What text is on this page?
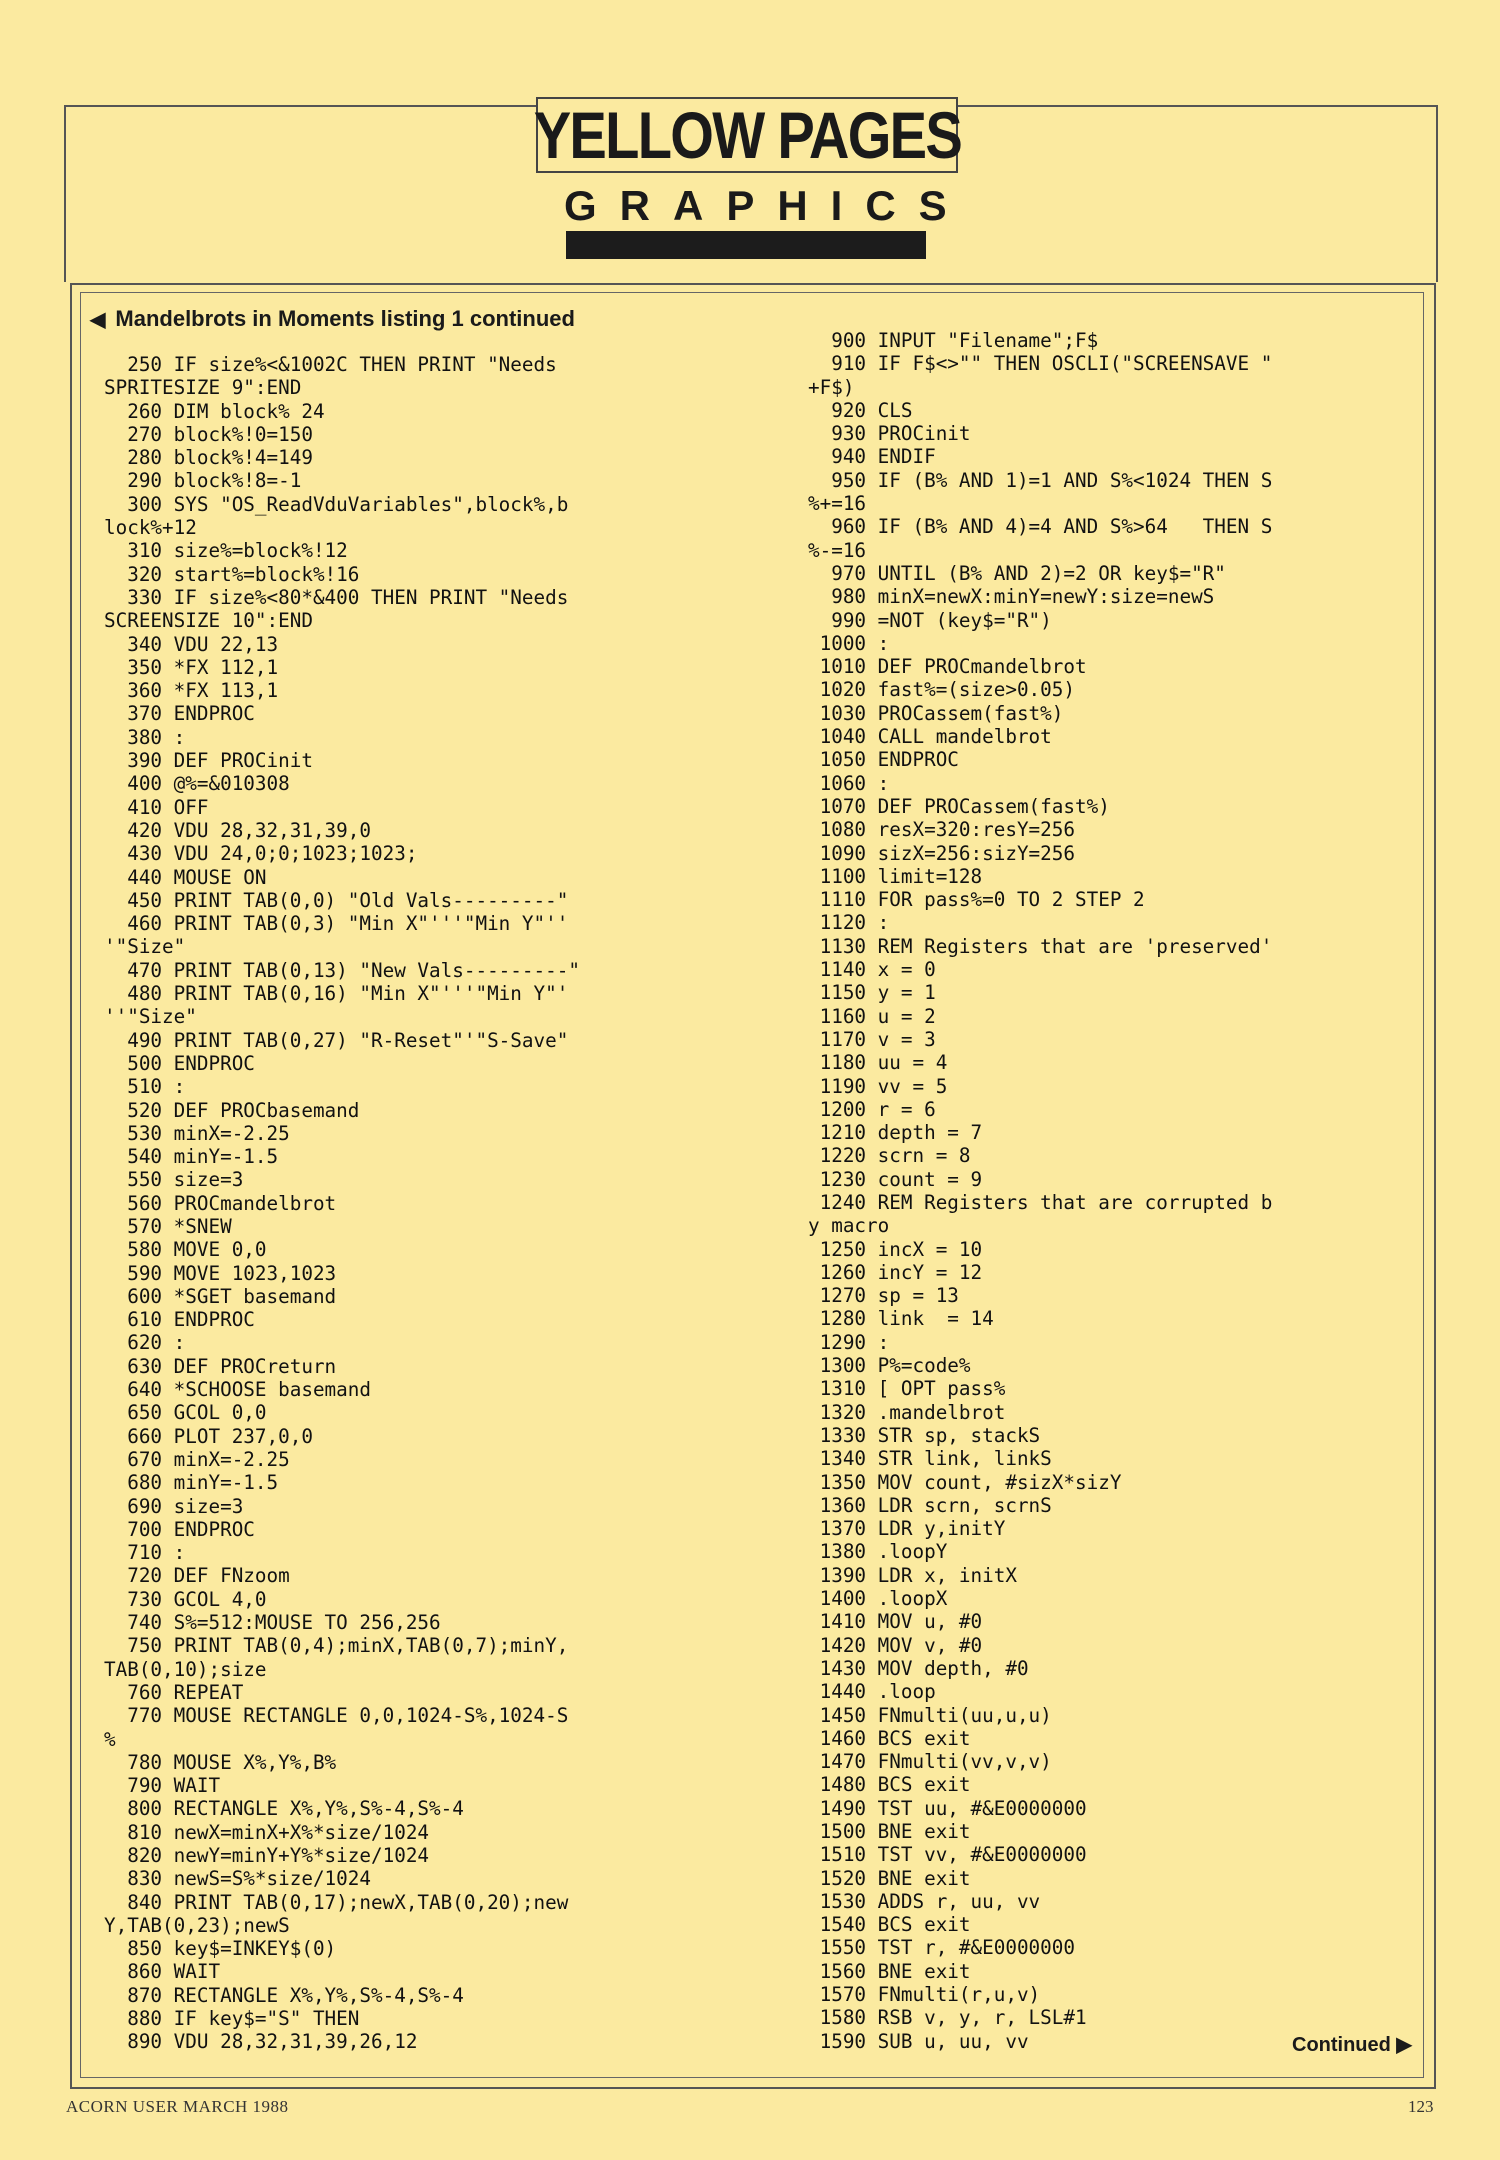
YELLOW PAGES
GRAPHICS
◀ Mandelbrots in Moments listing 1 continued
250 IF size%<&1002C THEN PRINT "Needs
SPRITESIZE 9":END
260 DIM block% 24
270 block%!0=150
280 block%!4=149
290 block%!8=-1
300 SYS "OS_ReadVduVariables",block%,b
lock%+12
310 size%=block%!12
320 start%=block%!16
330 IF size%<80*&400 THEN PRINT "Needs
SCREENSIZE 10":END
340 VDU 22,13
350 *FX 112,1
360 *FX 113,1
370 ENDPROC
380 :
390 DEF PROCinit
400 @%=&010308
410 OFF
420 VDU 28,32,31,39,0
430 VDU 24,0;0;1023;1023;
440 MOUSE ON
450 PRINT TAB(0,0) "Old Vals---------"
460 PRINT TAB(0,3) "Min X"'''"Min Y"''
'"Size"
470 PRINT TAB(0,13) "New Vals---------"
480 PRINT TAB(0,16) "Min X"'''"Min Y"'
''"Size"
490 PRINT TAB(0,27) "R-Reset"'"S-Save"
500 ENDPROC
510 :
520 DEF PROCbasemand
530 minX=-2.25
540 minY=-1.5
550 size=3
560 PROCmandelbrot
570 *SNEW
580 MOVE 0,0
590 MOVE 1023,1023
600 *SGET basemand
610 ENDPROC
620 :
630 DEF PROCreturn
640 *SCHOOSE basemand
650 GCOL 0,0
660 PLOT 237,0,0
670 minX=-2.25
680 minY=-1.5
690 size=3
700 ENDPROC
710 :
720 DEF FNzoom
730 GCOL 4,0
740 S%=512:MOUSE TO 256,256
750 PRINT TAB(0,4);minX,TAB(0,7);minY,
TAB(0,10);size
760 REPEAT
770 MOUSE RECTANGLE 0,0,1024-S%,1024-S
%
780 MOUSE X%,Y%,B%
790 WAIT
800 RECTANGLE X%,Y%,S%-4,S%-4
810 newX=minX+X%*size/1024
820 newY=minY+Y%*size/1024
830 newS=S%*size/1024
840 PRINT TAB(0,17);newX,TAB(0,20);new
Y,TAB(0,23);newS
850 key$=INKEY$(0)
860 WAIT
870 RECTANGLE X%,Y%,S%-4,S%-4
880 IF key$="S" THEN
890 VDU 28,32,31,39,26,12

900 INPUT "Filename";F$
910 IF F$<>"" THEN OSCLI("SCREENSAVE "
+F$)
920 CLS
930 PROCinit
940 ENDIF
950 IF (B% AND 1)=1 AND S%<1024 THEN S
%+=16
960 IF (B% AND 4)=4 AND S%>64   THEN S
%-=16
970 UNTIL (B% AND 2)=2 OR key$="R"
980 minX=newX:minY=newY:size=newS
990 =NOT (key$="R")
1000 :
1010 DEF PROCmandelbrot
1020 fast%=(size>0.05)
1030 PROCassem(fast%)
1040 CALL mandelbrot
1050 ENDPROC
1060 :
1070 DEF PROCassem(fast%)
1080 resX=320:resY=256
1090 sizX=256:sizY=256
1100 limit=128
1110 FOR pass%=0 TO 2 STEP 2
1120 :
1130 REM Registers that are 'preserved'
1140 x = 0
1150 y = 1
1160 u = 2
1170 v = 3
1180 uu = 4
1190 vv = 5
1200 r = 6
1210 depth = 7
1220 scrn = 8
1230 count = 9
1240 REM Registers that are corrupted b
y macro
1250 incX = 10
1260 incY = 12
1270 sp = 13
1280 link  = 14
1290 :
1300 P%=code%
1310 [ OPT pass%
1320 .mandelbrot
1330 STR sp, stackS
1340 STR link, linkS
1350 MOV count, #sizX*sizY
1360 LDR scrn, scrnS
1370 LDR y,initY
1380 .loopY
1390 LDR x, initX
1400 .loopX
1410 MOV u, #0
1420 MOV v, #0
1430 MOV depth, #0
1440 .loop
1450 FNmulti(uu,u,u)
1460 BCS exit
1470 FNmulti(vv,v,v)
1480 BCS exit
1490 TST uu, #&E0000000
1500 BNE exit
1510 TST vv, #&E0000000
1520 BNE exit
1530 ADDS r, uu, vv
1540 BCS exit
1550 TST r, #&E0000000
1560 BNE exit
1570 FNmulti(r,u,v)
1580 RSB v, y, r, LSL#1
1590 SUB u, uu, vv	Continued ▶
ACORN USER MARCH 1988	123
